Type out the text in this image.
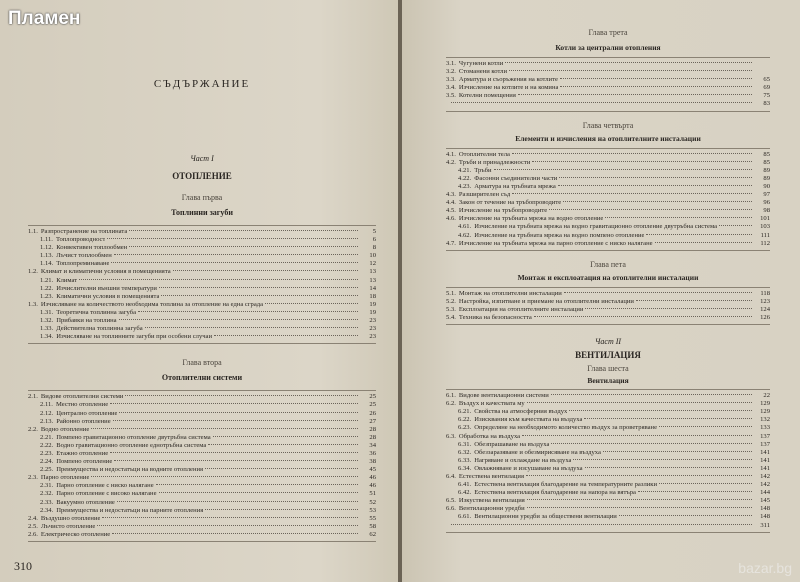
Пламен
bazar.bg
СЪДЪРЖАНИЕ
Част I
ОТОПЛЕНИЕ
Глава първа
Топлинни загуби
1.1. Разпространение на топлината	5
1.11. Топлопроводност	6
1.12. Конвективен топлообмен	8
1.13. Лъчист топлообмен	10
1.14. Топлопреминаване	12
1.2. Климат и климатични условия в помещенията	13
1.21. Климат	13
1.22. Изчислителни външни температури	14
1.23. Климатични условия в помещенията	18
1.3. Изчисляване на количеството необходима топлина за отопление на една сграда	19
1.31. Теоретична топлинна загуба	19
1.32. Прибавки на топлина	23
1.33. Действителна топлинна загуба	23
1.34. Изчисляване на топлинните загуби при особени случаи	23
Глава втора
Отоплителни системи
2.1. Видове отоплителни системи	25
2.11. Местно отопление	25
2.12. Централно отопление	26
2.13. Районно отопление	27
2.2. Водно отопление	28
2.21. Помпено гравитационно отопление двутръбна система	28
2.22. Водно гравитационно отопление еднотръбна система	34
2.23. Етажно отопление	36
2.24. Помпено отопление	38
2.25. Преимущества и недостатъци на водните отопления	45
2.3. Парно отопление	46
2.31. Парно отопление с ниско налягане	46
2.32. Парно отопление с високо налягане	51
2.33. Вакуумно отопление	52
2.34. Преимущества и недостатъци на парните отопления	53
2.4. Въздушно отопление	55
2.5. Лъчисто отопление	58
2.6. Електрическо отопление	62
310
Глава трета
Котли за централни отопления
3.1. Чугунени котли
3.2. Стоманени котли
3.3. Арматура и съоръжения на котлите	65
3.4. Изчисление на котлите и на комина	69
3.5. Котелни помещения	75
83
Глава четвърта
Елементи и изчисления на отоплителните инсталации
4.1. Отоплителни тела	85
4.2. Тръби и принадлежности	85
4.21. Тръби	89
4.22. Фасонни съединителни части	89
4.23. Арматура на тръбната мрежа	90
4.3. Разширителен съд	97
4.4. Закон от течение на тръбопроводите	96
4.5. Изчисление на тръбопроводите	98
4.6. Изчисление на тръбната мрежа на водно отопление	101
4.61. Изчисление на тръбната мрежа на водно гравитационно отопление двутръбна система	103
4.62. Изчисление на тръбната мрежа на водно помпено отопление	111
4.7. Изчисление на тръбната мрежа на парно отопление с ниско налягане	112
Глава пета
Монтаж и експлоатация на отоплителни инсталации
5.1. Монтаж на отоплителни инсталации	118
5.2. Настройка, изпитване и приемане на отоплителни инсталации	123
5.3. Експлоатация на отоплителните инсталации	124
5.4. Техника на безопасността	126
Част II
ВЕНТИЛАЦИЯ
Глава шеста
Вентилация
6.1. Видове вентилационни системи	22
6.2. Въздух и качествата му	129
6.21. Свойства на атмосферния въздух	129
6.22. Изисквания към качествата на въздуха	132
6.23. Определяне на необходимото количество въздух за проветряване	133
6.3. Обработка на въздуха	137
6.31. Обезпрашаване на въздуха	137
6.32. Обеззаразяване и обезмирисяване на въздуха	141
6.33. Нагряване и охлаждане на въздуха	141
6.34. Овлажняване и изсушаване на въздуха	141
6.4. Естествена вентилация	142
6.41. Естествена вентилация благодарение на температурните разлики	142
6.42. Естествена вентилация благодарение на напора на вятъра	144
6.5. Изкуствена вентилация	145
6.6. Вентилационни уредби	148
6.61. Вентилационни уредби за обществени вентилации	148
311
